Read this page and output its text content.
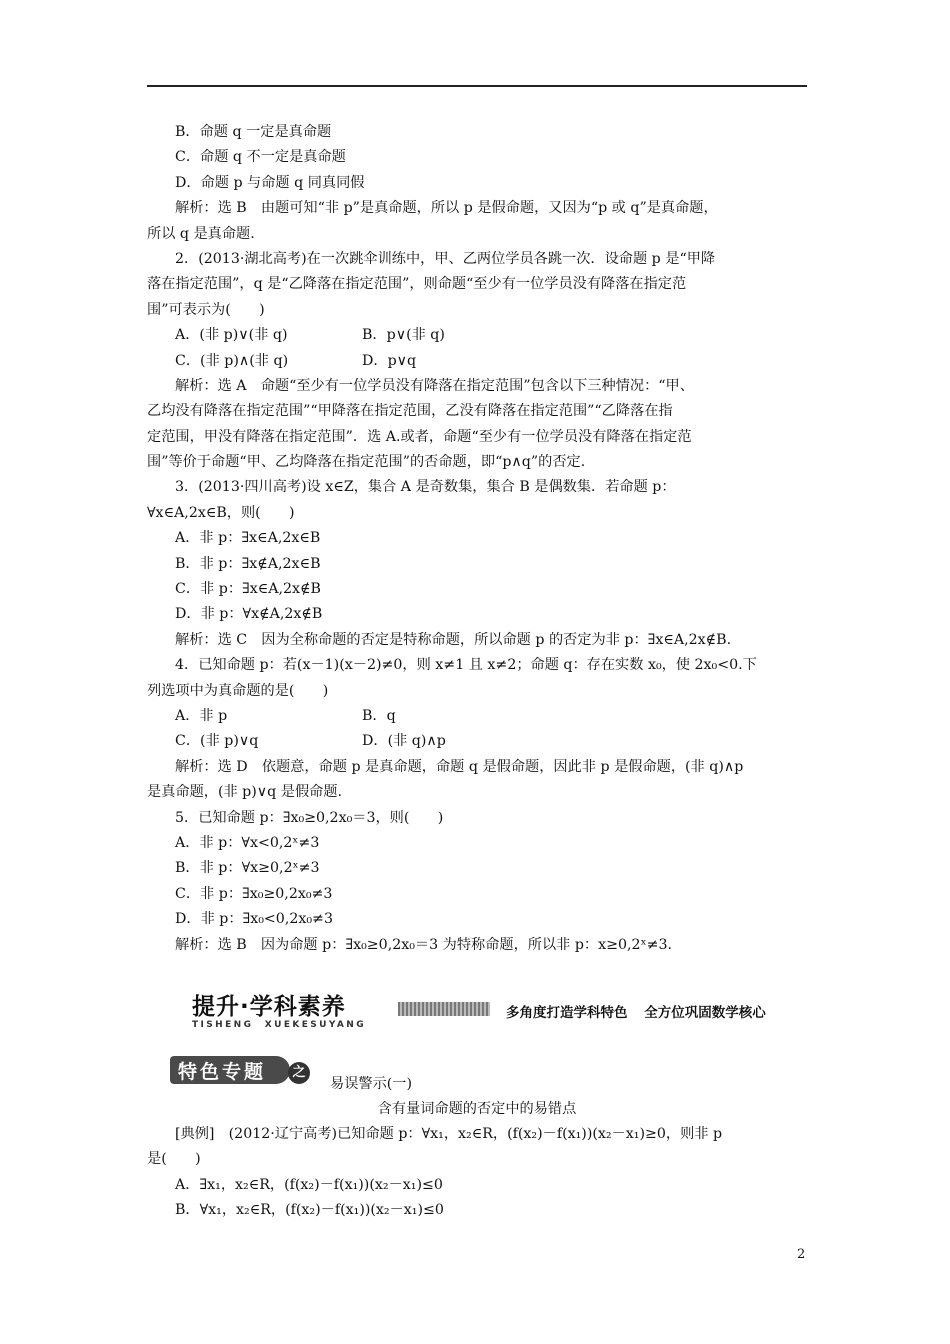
B．命题 q 一定是真命题
C．命题 q 不一定是真命题
D．命题 p 与命题 q 同真同假
解析：选 B　由题可知“非 p”是真命题，所以 p 是假命题，又因为“p 或 q”是真命题，
所以 q 是真命题.
2．(2013·湖北高考)在一次跳伞训练中，甲、乙两位学员各跳一次．设命题 p 是“甲降
落在指定范围”，q 是“乙降落在指定范围”，则命题“至少有一位学员没有降落在指定范
围”可表示为(　　)
A．(非 p)∨(非 q)	B．p∨(非 q)
C．(非 p)∧(非 q)	D．p∨q
解析：选 A　命题“至少有一位学员没有降落在指定范围”包含以下三种情况：“甲、
乙均没有降落在指定范围”“甲降落在指定范围，乙没有降落在指定范围”“乙降落在指
定范围，甲没有降落在指定范围”．选 A.或者，命题“至少有一位学员没有降落在指定范
围”等价于命题“甲、乙均降落在指定范围”的否命题，即“p∧q”的否定.
3．(2013·四川高考)设 x∈Z，集合 A 是奇数集，集合 B 是偶数集．若命题 p：
∀x∈A,2x∈B，则(　　)
A．非 p：∃x∈A,2x∈B
B．非 p：∃x∉A,2x∈B
C．非 p：∃x∈A,2x∉B
D．非 p：∀x∉A,2x∉B
解析：选 C　因为全称命题的否定是特称命题，所以命题 p 的否定为非 p：∃x∈A,2x∉B.
4．已知命题 p：若(x－1)(x－2)≠0，则 x≠1 且 x≠2；命题 q：存在实数 x₀，使 2x₀<0.下
列选项中为真命题的是(　　)
A．非 p	B．q
C．(非 p)∨q	D．(非 q)∧p
解析：选 D　依题意，命题 p 是真命题，命题 q 是假命题，因此非 p 是假命题，(非 q)∧p
是真命题，(非 p)∨q 是假命题.
5．已知命题 p：∃x₀≥0,2x₀＝3，则(　　)
A．非 p：∀x<0,2ˣ≠3
B．非 p：∀x≥0,2ˣ≠3
C．非 p：∃x₀≥0,2x₀≠3
D．非 p：∃x₀<0,2x₀≠3
解析：选 B　因为命题 p：∃x₀≥0,2x₀＝3 为特称命题，所以非 p：x≥0,2ˣ≠3.
提升·学科素养
TISHENG　XUEKESUYANG
多角度打造学科特色 全方位巩固数学核心
特色专题	之
易误警示(一)
含有量词命题的否定中的易错点
[典例]　(2012·辽宁高考)已知命题 p：∀x₁，x₂∈R，(f(x₂)－f(x₁))(x₂－x₁)≥0，则非 p
是(　　)
A．∃x₁，x₂∈R，(f(x₂)－f(x₁))(x₂－x₁)≤0
B．∀x₁，x₂∈R，(f(x₂)－f(x₁))(x₂－x₁)≤0
2
